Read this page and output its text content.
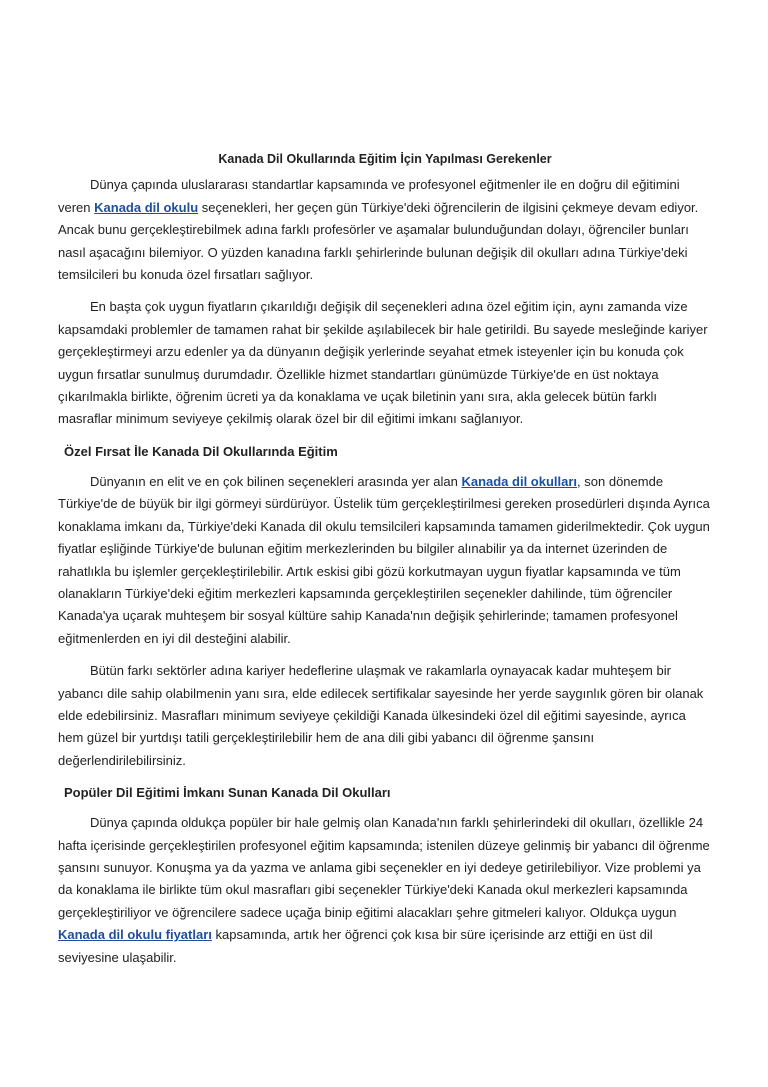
Kanada Dil Okullarında Eğitim İçin Yapılması Gerekenler

Dünya çapında uluslararası standartlar kapsamında ve profesyonel eğitmenler ile en doğru dil eğitimini veren Kanada dil okulu seçenekleri, her geçen gün Türkiye'deki öğrencilerin de ilgisini çekmeye devam ediyor. Ancak bunu gerçekleştirebilmek adına farklı profesörler ve aşamalar bulunduğundan dolayı, öğrenciler bunları nasıl aşacağını bilemiyor. O yüzden kanadına farklı şehirlerinde bulunan değişik dil okulları adına Türkiye'deki temsilcileri bu konuda özel fırsatları sağlıyor.

En başta çok uygun fiyatların çıkarıldığı değişik dil seçenekleri adına özel eğitim için, aynı zamanda vize kapsamdaki problemler de tamamen rahat bir şekilde aşılabilecek bir hale getirildi. Bu sayede mesleğinde kariyer gerçekleştirmeyi arzu edenler ya da dünyanın değişik yerlerinde seyahat etmek isteyenler için bu konuda çok uygun fırsatlar sunulmuş durumdadır. Özellikle hizmet standartları günümüzde Türkiye'de en üst noktaya çıkarılmakla birlikte, öğrenim ücreti ya da konaklama ve uçak biletinin yanı sıra, akla gelecek bütün farklı masraflar minimum seviyeye çekilmiş olarak özel bir dil eğitimi imkanı sağlanıyor.

Özel Fırsat İle Kanada Dil Okullarında Eğitim

Dünyanın en elit ve en çok bilinen seçenekleri arasında yer alan Kanada dil okulları, son dönemde Türkiye'de de büyük bir ilgi görmeyi sürdürüyor. Üstelik tüm gerçekleştirilmesi gereken prosedürleri dışında Ayrıca konaklama imkanı da, Türkiye'deki Kanada dil okulu temsilcileri kapsamında tamamen giderilmektedir. Çok uygun fiyatlar eşliğinde Türkiye'de bulunan eğitim merkezlerinden bu bilgiler alınabilir ya da internet üzerinden de rahatlıkla bu işlemler gerçekleştirilebilir. Artık eskisi gibi gözü korkutmayan uygun fiyatlar kapsamında ve tüm olanakların Türkiye'deki eğitim merkezleri kapsamında gerçekleştirilen seçenekler dahilinde, tüm öğrenciler Kanada'ya uçarak muhteşem bir sosyal kültüre sahip Kanada'nın değişik şehirlerinde; tamamen profesyonel eğitmenlerden en iyi dil desteğini alabilir.

Bütün farkı sektörler adına kariyer hedeflerine ulaşmak ve rakamlarla oynayacak kadar muhteşem bir yabancı dile sahip olabilmenin yanı sıra, elde edilecek sertifikalar sayesinde her yerde saygınlık gören bir olanak elde edebilirsiniz. Masrafları minimum seviyeye çekildiği Kanada ülkesindeki özel dil eğitimi sayesinde, ayrıca hem güzel bir yurtdışı tatili gerçekleştirilebilir hem de ana dili gibi yabancı dil öğrenme şansını değerlendirilebilirsiniz.

Popüler Dil Eğitimi İmkanı Sunan Kanada Dil Okulları

Dünya çapında oldukça popüler bir hale gelmiş olan Kanada'nın farklı şehirlerindeki dil okulları, özellikle 24 hafta içerisinde gerçekleştirilen profesyonel eğitim kapsamında; istenilen düzeye gelinmiş bir yabancı dil öğrenme şansını sunuyor. Konuşma ya da yazma ve anlama gibi seçenekler en iyi dedeye getirilebiliyor. Vize problemi ya da konaklama ile birlikte tüm okul masrafları gibi seçenekler Türkiye'deki Kanada okul merkezleri kapsamında gerçekleştiriliyor ve öğrencilere sadece uçağa binip eğitimi alacakları şehre gitmeleri kalıyor. Oldukça uygun Kanada dil okulu fiyatları kapsamında, artık her öğrenci çok kısa bir süre içerisinde arz ettiği en üst dil seviyesine ulaşabilir.
